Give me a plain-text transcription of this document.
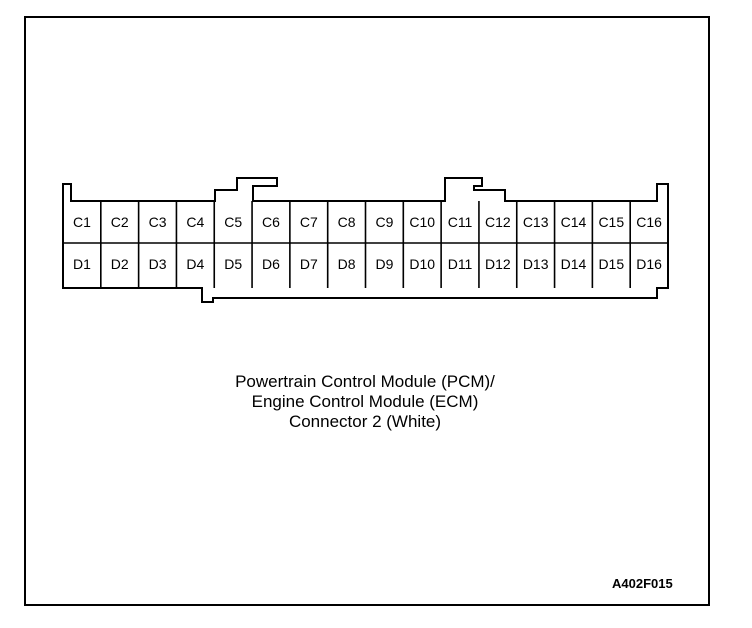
C1 C2 C3 C4 C5 C6 C7 C8 C9 C10 C11 C12 C13 C14 C15 C16
D1 D2 D3 D4 D5 D6 D7 D8 D9 D10 D11 D12 D13 D14 D15 D16
Powertrain Control Module (PCM)/
Engine Control Module (ECM)
Connector 2 (White)
A402F015
